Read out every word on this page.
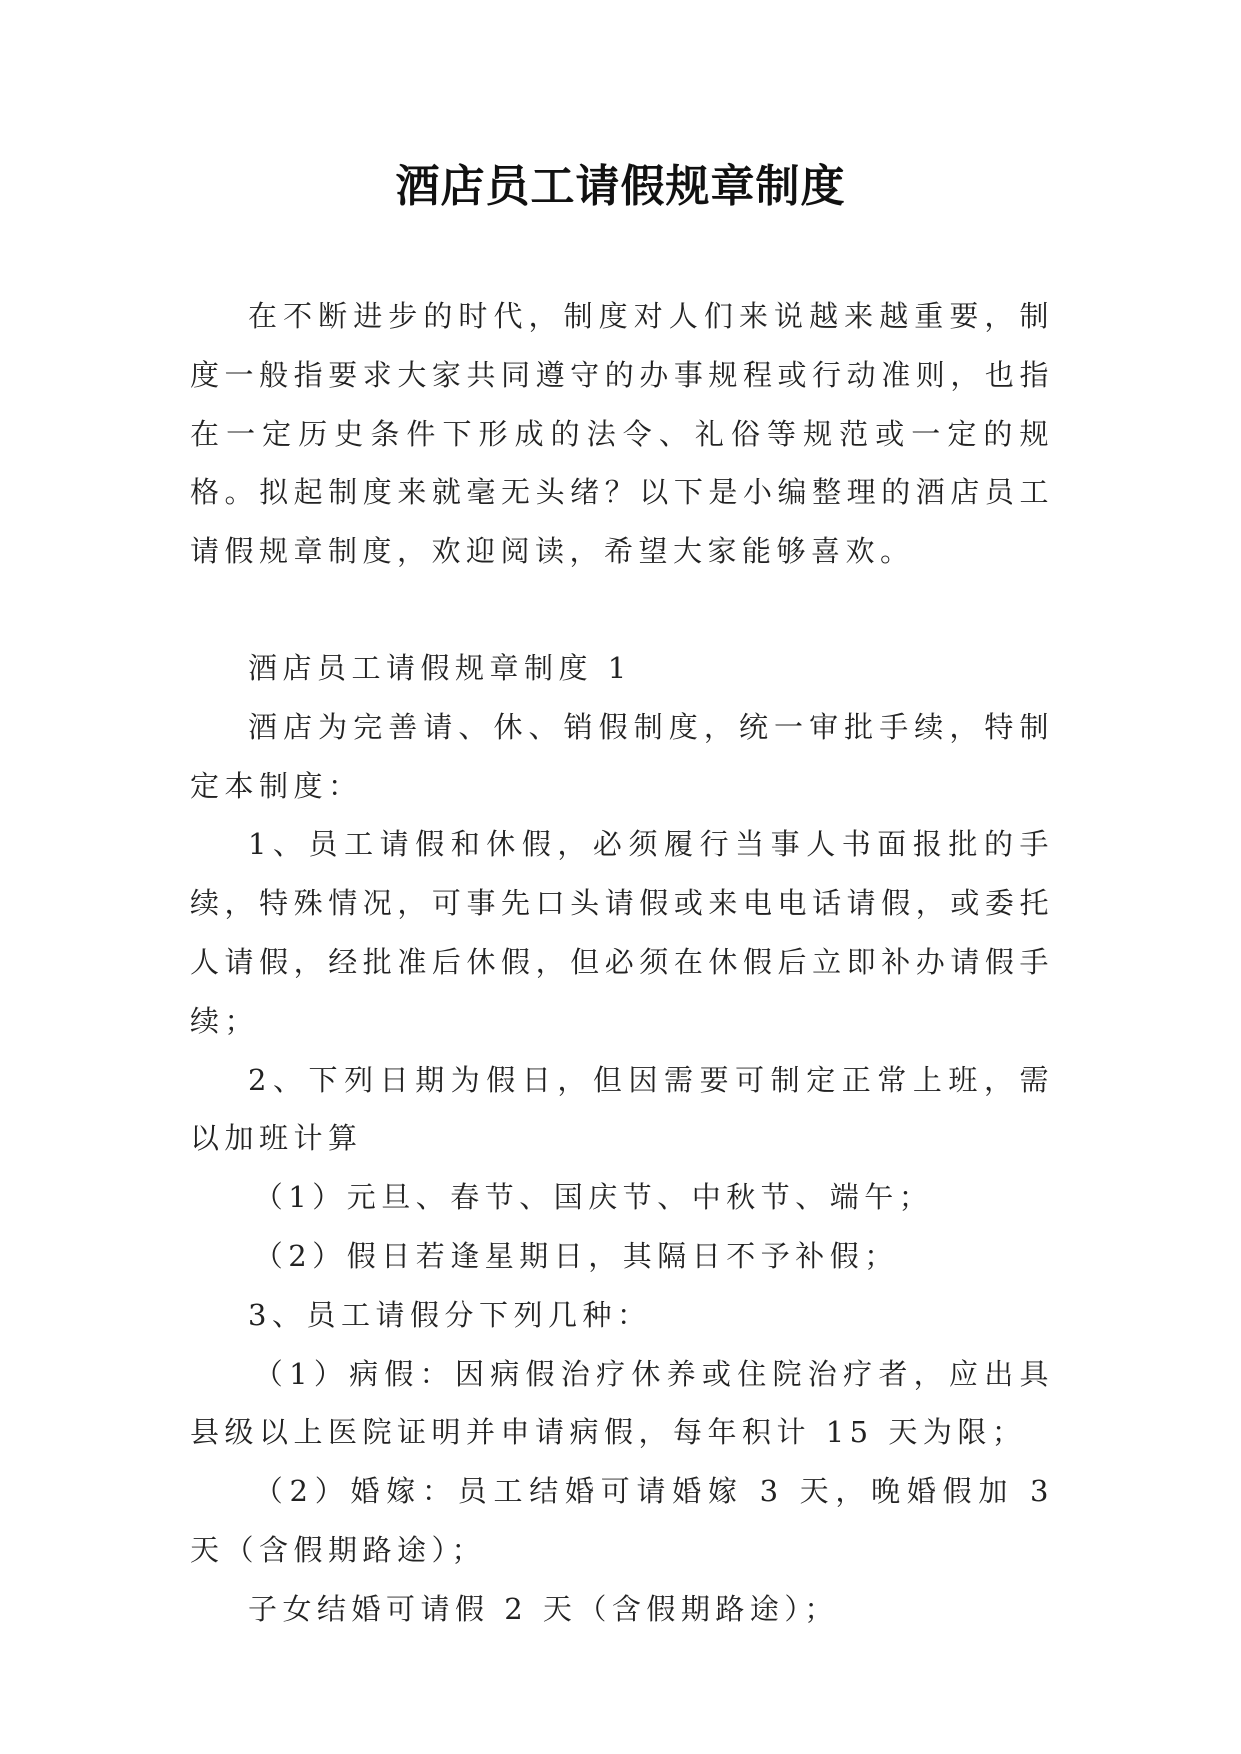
酒店员工请假规章制度

在不断进步的时代，制度对人们来说越来越重要，制度一般指要求大家共同遵守的办事规程或行动准则，也指在一定历史条件下形成的法令、礼俗等规范或一定的规格。拟起制度来就毫无头绪？以下是小编整理的酒店员工请假规章制度，欢迎阅读，希望大家能够喜欢。

酒店员工请假规章制度 1

酒店为完善请、休、销假制度，统一审批手续，特制定本制度：

1、员工请假和休假，必须履行当事人书面报批的手续，特殊情况，可事先口头请假或来电电话请假，或委托人请假，经批准后休假，但必须在休假后立即补办请假手续；

2、下列日期为假日，但因需要可制定正常上班，需以加班计算

（1）元旦、春节、国庆节、中秋节、端午；

（2）假日若逢星期日，其隔日不予补假；

3、员工请假分下列几种：

（1）病假：因病假治疗休养或住院治疗者，应出具县级以上医院证明并申请病假，每年积计 15 天为限；

（2）婚嫁：员工结婚可请婚嫁 3 天，晚婚假加 3 天（含假期路途）；

子女结婚可请假 2 天（含假期路途）；
